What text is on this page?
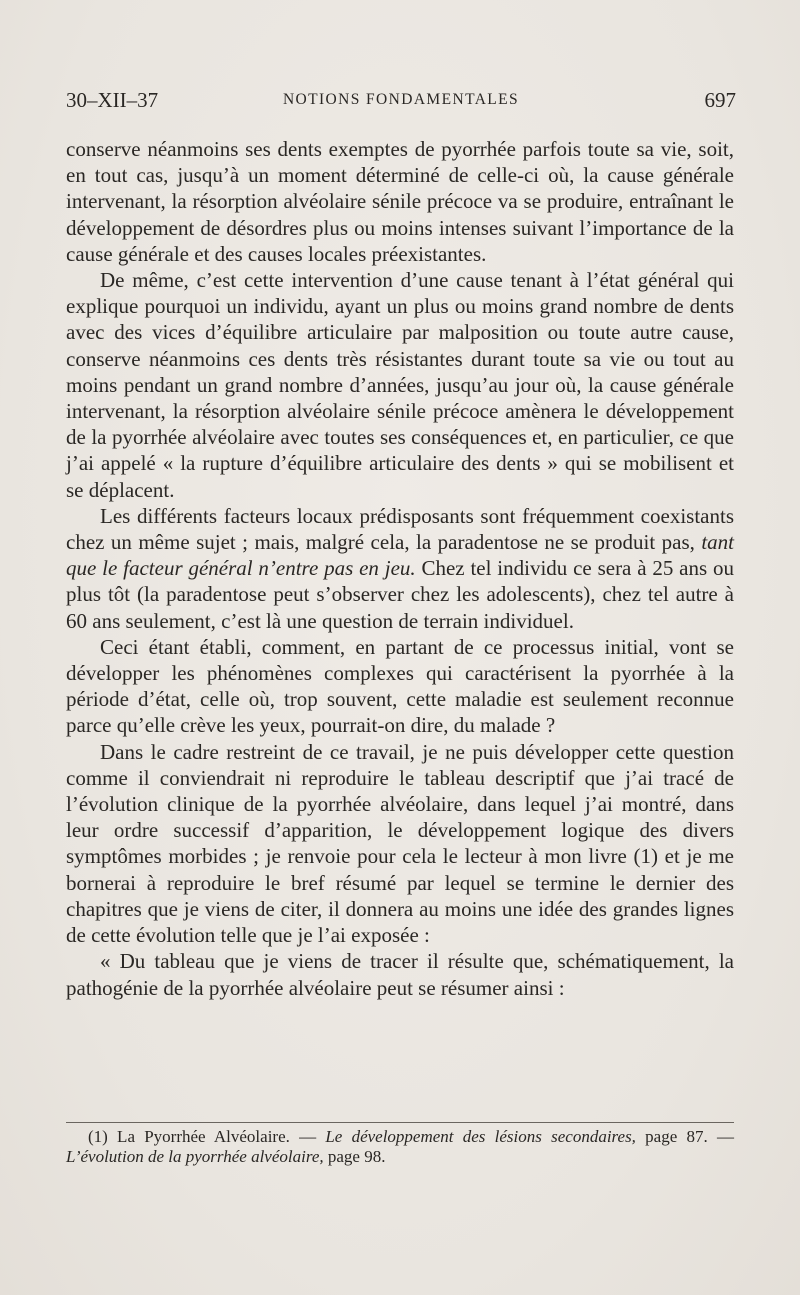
30–XII–37	NOTIONS FONDAMENTALES	697

conserve néanmoins ses dents exemptes de pyorrhée parfois toute sa vie, soit, en tout cas, jusqu’à un moment déterminé de celle-ci où, la cause générale intervenant, la résorption alvéolaire sénile précoce va se produire, entraînant le développement de désordres plus ou moins intenses suivant l’importance de la cause générale et des causes locales préexistantes.

De même, c’est cette intervention d’une cause tenant à l’état général qui explique pourquoi un individu, ayant un plus ou moins grand nombre de dents avec des vices d’équilibre articulaire par malposition ou toute autre cause, conserve néanmoins ces dents très résistantes durant toute sa vie ou tout au moins pendant un grand nombre d’années, jusqu’au jour où, la cause générale intervenant, la résorption alvéolaire sénile précoce amènera le développement de la pyorrhée alvéolaire avec toutes ses conséquences et, en particulier, ce que j’ai appelé « la rupture d’équilibre articulaire des dents » qui se mobilisent et se déplacent.

Les différents facteurs locaux prédisposants sont fréquemment coexistants chez un même sujet ; mais, malgré cela, la paradentose ne se produit pas, tant que le facteur général n’entre pas en jeu. Chez tel individu ce sera à 25 ans ou plus tôt (la paradentose peut s’observer chez les adolescents), chez tel autre à 60 ans seulement, c’est là une question de terrain individuel.

Ceci étant établi, comment, en partant de ce processus initial, vont se développer les phénomènes complexes qui caractérisent la pyorrhée à la période d’état, celle où, trop souvent, cette maladie est seulement reconnue parce qu’elle crève les yeux, pourrait-on dire, du malade ?

Dans le cadre restreint de ce travail, je ne puis développer cette question comme il conviendrait ni reproduire le tableau descriptif que j’ai tracé de l’évolution clinique de la pyorrhée alvéolaire, dans lequel j’ai montré, dans leur ordre successif d’apparition, le développement logique des divers symptômes morbides ; je renvoie pour cela le lecteur à mon livre (1) et je me bornerai à reproduire le bref résumé par lequel se termine le dernier des chapitres que je viens de citer, il donnera au moins une idée des grandes lignes de cette évolution telle que je l’ai exposée :

« Du tableau que je viens de tracer il résulte que, schématiquement, la pathogénie de la pyorrhée alvéolaire peut se résumer ainsi :

(1) La Pyorrhée Alvéolaire. — Le développement des lésions secondaires, page 87. — L’évolution de la pyorrhée alvéolaire, page 98.
